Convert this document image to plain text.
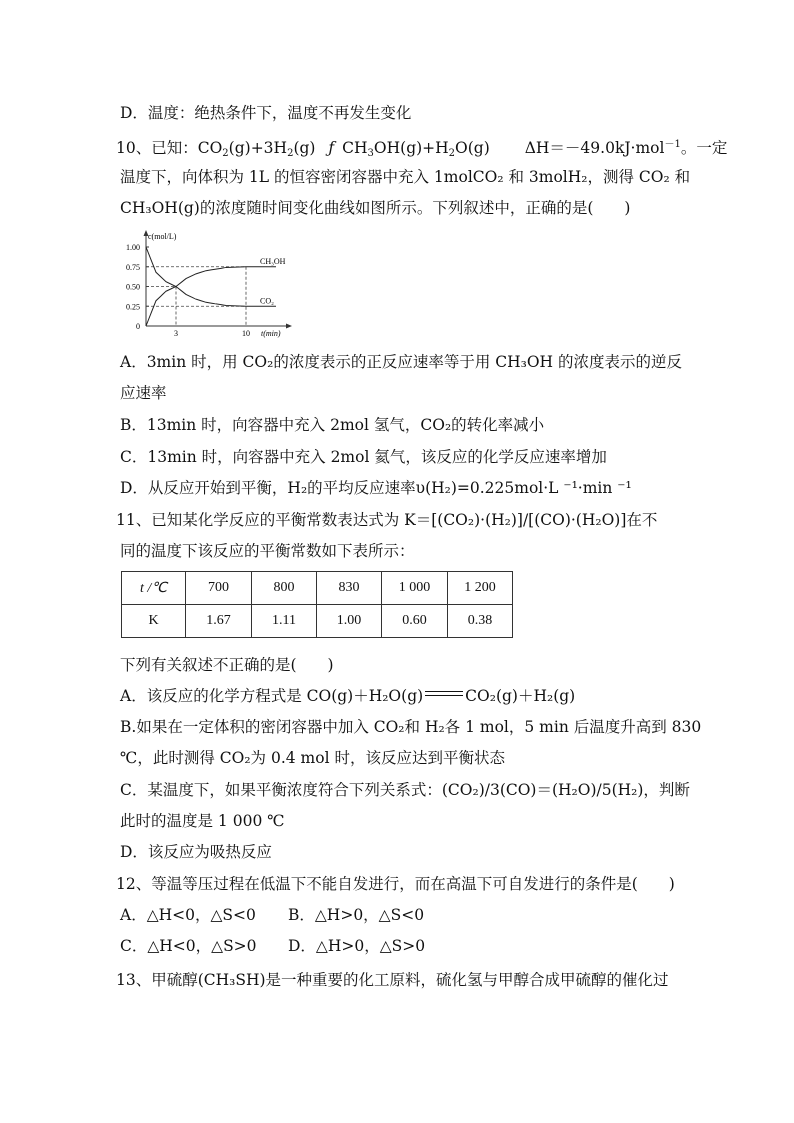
D．温度：绝热条件下，温度不再发生变化
10、已知：$CO_2(g)+3H_2(g)$ ƒ $CH_3OH(g)+H_2O(g)$ ΔH＝－49.0kJ·mol$^{-1}$。一定
温度下，向体积为 1L 的恒容密闭容器中充入 1molCO₂ 和 3molH₂，测得 CO₂ 和
CH₃OH(g)的浓度随时间变化曲线如图所示。下列叙述中，正确的是(　　)
0
0.25
0.50
0.75
1.00
3	10
c(mol/L)
t(min)
CH₃OH
CO₂
A．3min 时，用 CO₂的浓度表示的正反应速率等于用 CH₃OH 的浓度表示的逆反
应速率
B．13min 时，向容器中充入 2mol 氢气，CO₂的转化率减小
C．13min 时，向容器中充入 2mol 氦气，该反应的化学反应速率增加
D．从反应开始到平衡，H₂的平均反应速率υ(H₂)=0.225mol·L ⁻¹·min ⁻¹
11、已知某化学反应的平衡常数表达式为 K＝[(CO₂)·(H₂)]/[(CO)·(H₂O)]在不
同的温度下该反应的平衡常数如下表所示：
t /℃	700	800	830	1 000	1 200
K	1.67	1.11	1.00	0.60	0.38
下列有关叙述不正确的是(　　)
A．该反应的化学方程式是 CO(g)＋H₂O(g)	CO₂(g)＋H₂(g)
B.如果在一定体积的密闭容器中加入 CO₂和 H₂各 1 mol，5 min 后温度升高到 830
℃，此时测得 CO₂为 0.4 mol 时，该反应达到平衡状态
C．某温度下，如果平衡浓度符合下列关系式：(CO₂)/3(CO)＝(H₂O)/5(H₂)，判断
此时的温度是 1 000 ℃
D．该反应为吸热反应
12、等温等压过程在低温下不能自发进行，而在高温下可自发进行的条件是(　　)
A．△H<0，△S<0 B．△H>0，△S<0
C．△H<0，△S>0 D．△H>0，△S>0
13、甲硫醇(CH₃SH)是一种重要的化工原料，硫化氢与甲醇合成甲硫醇的催化过
